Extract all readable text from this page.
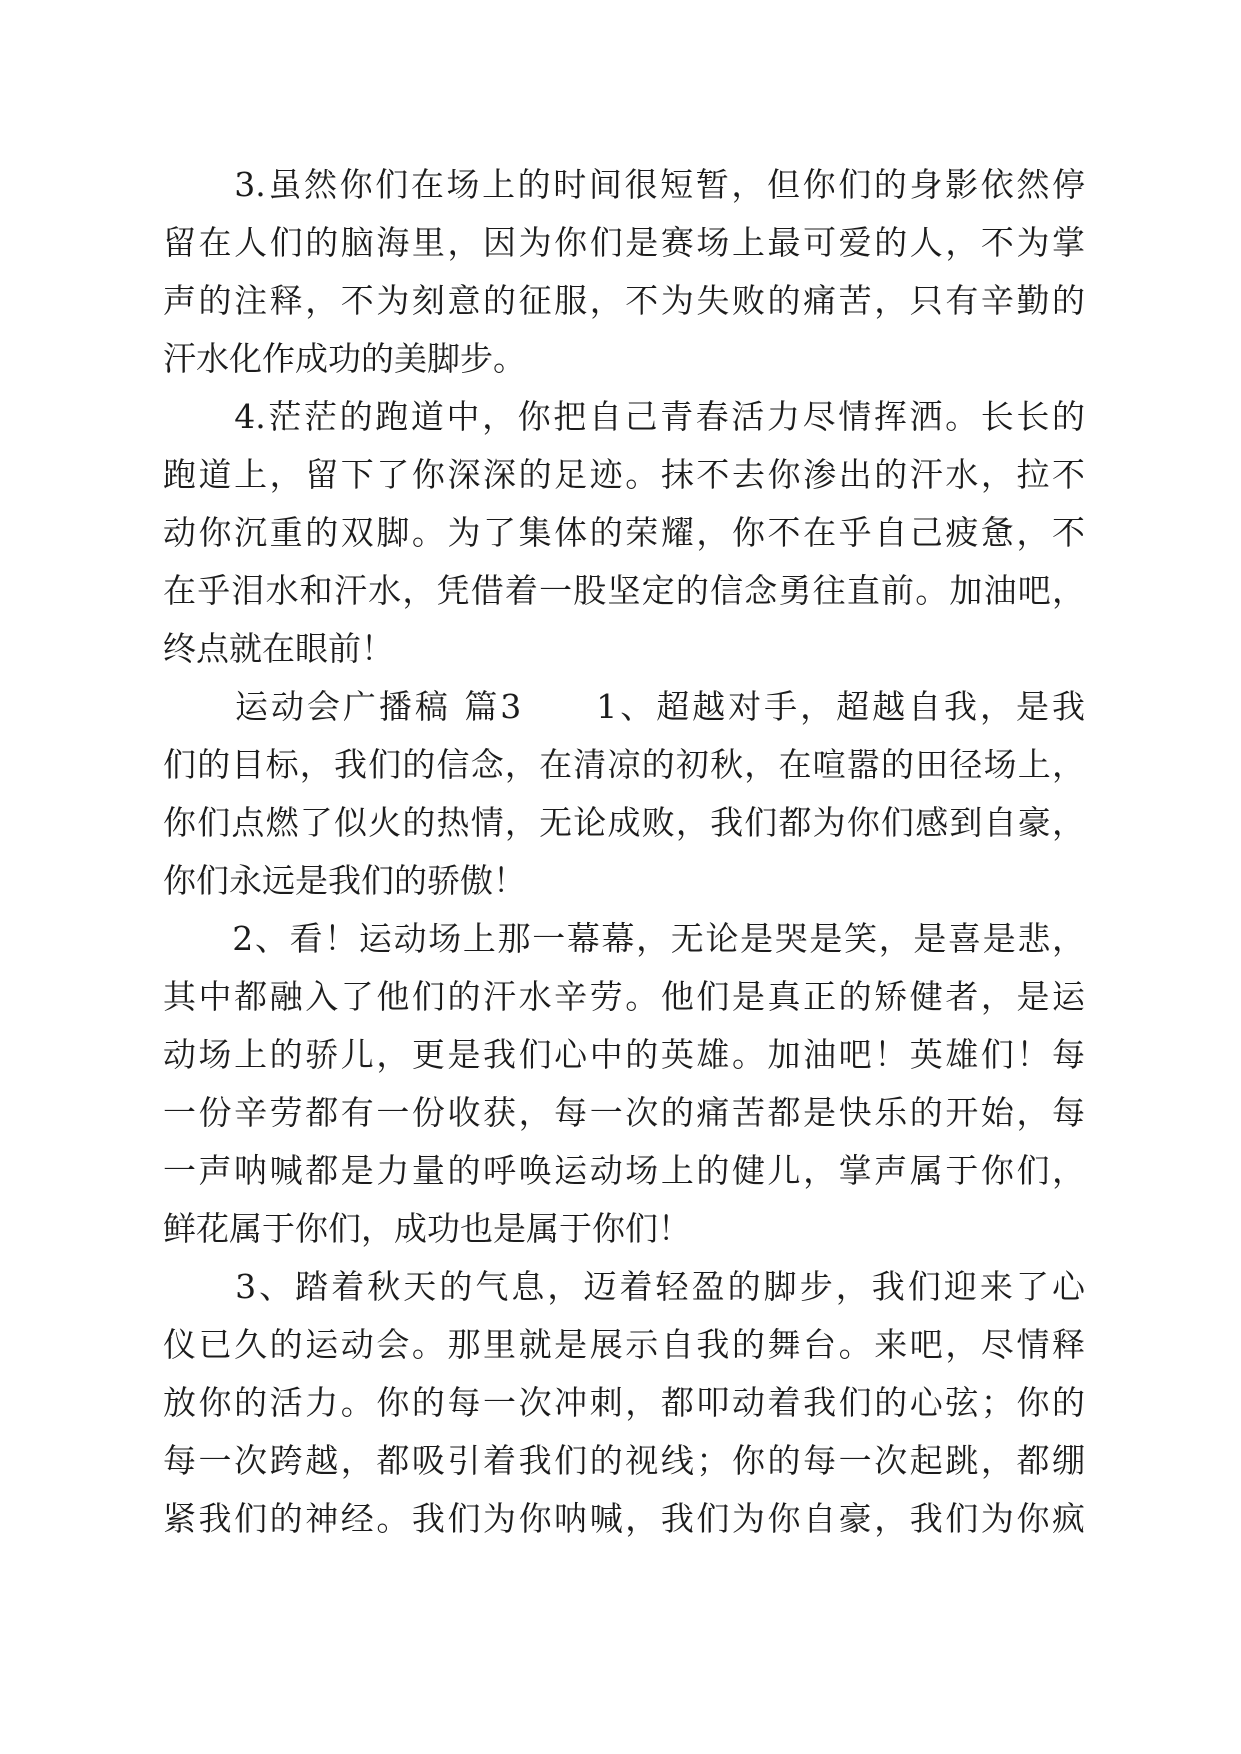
　　3.虽然你们在场上的时间很短暂，但你们的身影依然停
留在人们的脑海里，因为你们是赛场上最可爱的人，不为掌
声的注释，不为刻意的征服，不为失败的痛苦，只有辛勤的
汗水化作成功的美脚步。
　　4.茫茫的跑道中，你把自己青春活力尽情挥洒。长长的
跑道上，留下了你深深的足迹。抹不去你渗出的汗水，拉不
动你沉重的双脚。为了集体的荣耀，你不在乎自己疲惫，不
在乎泪水和汗水，凭借着一股坚定的信念勇往直前。加油吧，
终点就在眼前！
　　运动会广播稿 篇3　　1、超越对手，超越自我，是我
们的目标，我们的信念，在清凉的初秋，在喧嚣的田径场上，
你们点燃了似火的热情，无论成败，我们都为你们感到自豪，
你们永远是我们的骄傲！
　　2、看！运动场上那一幕幕，无论是哭是笑，是喜是悲，
其中都融入了他们的汗水辛劳。他们是真正的矫健者，是运
动场上的骄儿，更是我们心中的英雄。加油吧！英雄们！每
一份辛劳都有一份收获，每一次的痛苦都是快乐的开始，每
一声呐喊都是力量的呼唤运动场上的健儿，掌声属于你们，
鲜花属于你们，成功也是属于你们！
　　3、踏着秋天的气息，迈着轻盈的脚步，我们迎来了心
仪已久的运动会。那里就是展示自我的舞台。来吧，尽情释
放你的活力。你的每一次冲刺，都叩动着我们的心弦；你的
每一次跨越，都吸引着我们的视线；你的每一次起跳，都绷
紧我们的神经。我们为你呐喊，我们为你自豪，我们为你疯
